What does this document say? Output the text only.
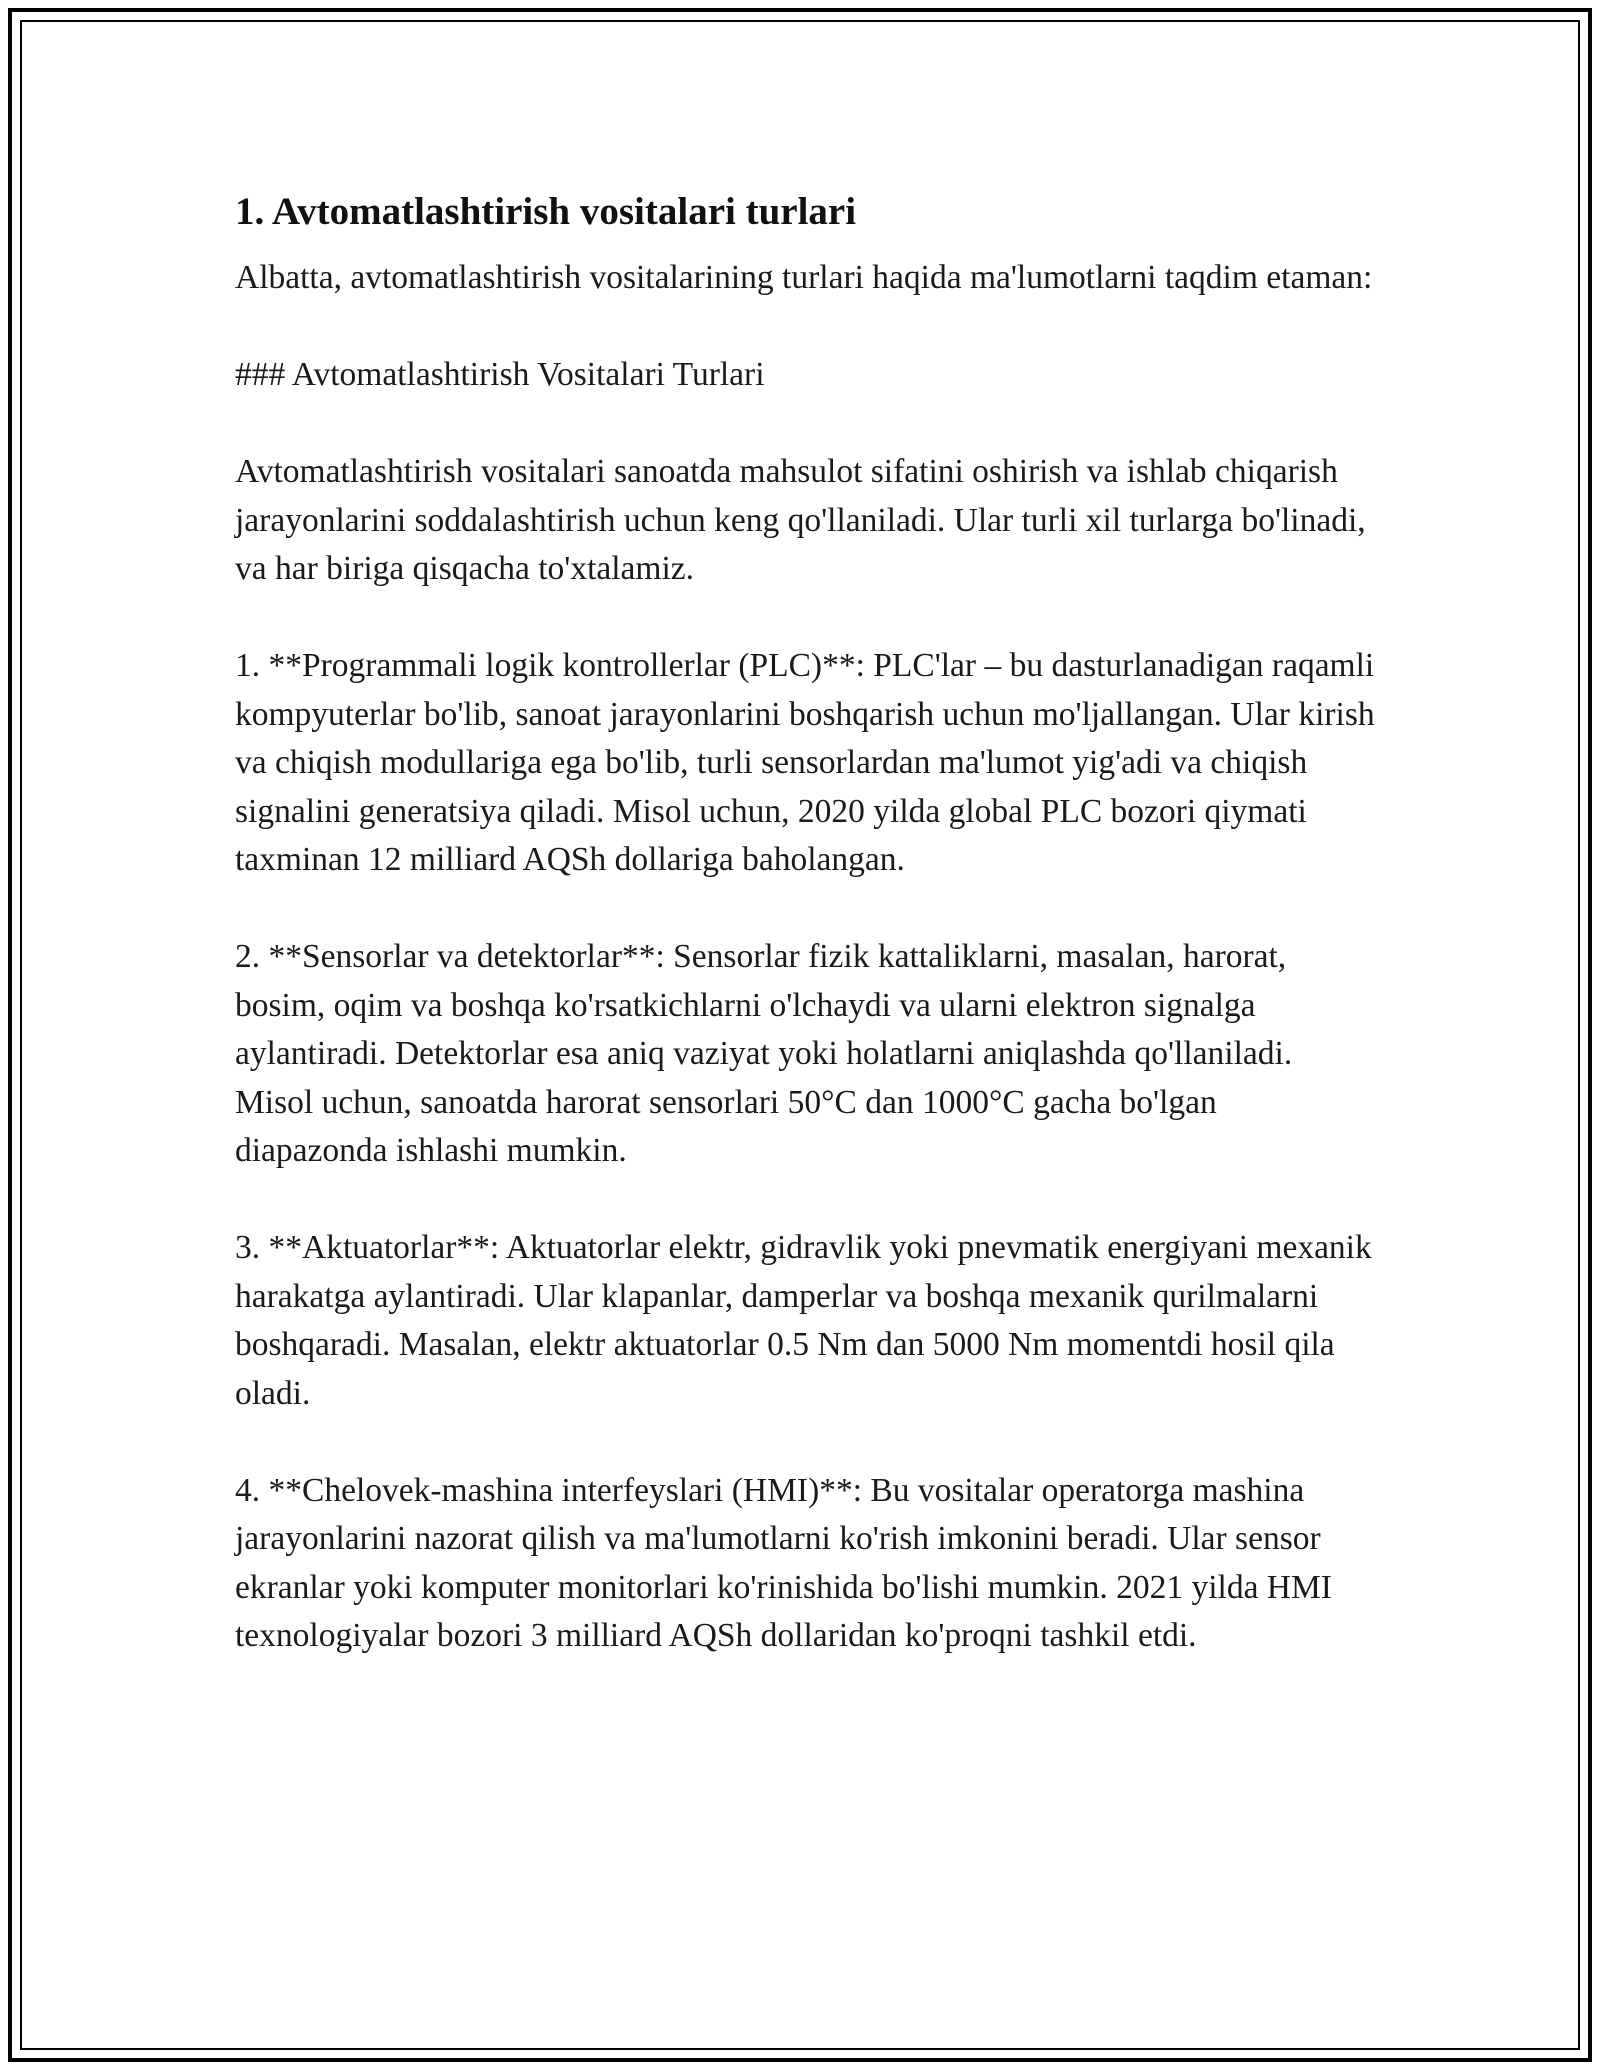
1. Avtomatlashtirish vositalari turlari

Albatta, avtomatlashtirish vositalarining turlari haqida ma'lumotlarni taqdim etaman:

### Avtomatlashtirish Vositalari Turlari

Avtomatlashtirish vositalari sanoatda mahsulot sifatini oshirish va ishlab chiqarish jarayonlarini soddalashtirish uchun keng qo'llaniladi. Ular turli xil turlarga bo'linadi, va har biriga qisqacha to'xtalamiz.

1. **Programmali logik kontrollerlar (PLC)**: PLC'lar – bu dasturlanadigan raqamli kompyuterlar bo'lib, sanoat jarayonlarini boshqarish uchun mo'ljallangan. Ular kirish va chiqish modullariga ega bo'lib, turli sensorlardan ma'lumot yig'adi va chiqish signalini generatsiya qiladi. Misol uchun, 2020 yilda global PLC bozori qiymati taxminan 12 milliard AQSh dollariga baholangan.

2. **Sensorlar va detektorlar**: Sensorlar fizik kattaliklarni, masalan, harorat, bosim, oqim va boshqa ko'rsatkichlarni o'lchaydi va ularni elektron signalga aylantiradi. Detektorlar esa aniq vaziyat yoki holatlarni aniqlashda qo'llaniladi. Misol uchun, sanoatda harorat sensorlari 50°C dan 1000°C gacha bo'lgan diapazonda ishlashi mumkin.

3. **Aktuatorlar**: Aktuatorlar elektr, gidravlik yoki pnevmatik energiyani mexanik harakatga aylantiradi. Ular klapanlar, damperlar va boshqa mexanik qurilmalarni boshqaradi. Masalan, elektr aktuatorlar 0.5 Nm dan 5000 Nm momentdi hosil qila oladi.

4. **Chelovek-mashina interfeyslari (HMI)**: Bu vositalar operatorga mashina jarayonlarini nazorat qilish va ma'lumotlarni ko'rish imkonini beradi. Ular sensor ekranlar yoki komputer monitorlari ko'rinishida bo'lishi mumkin. 2021 yilda HMI texnologiyalar bozori 3 milliard AQSh dollaridan ko'proqni tashkil etdi.
